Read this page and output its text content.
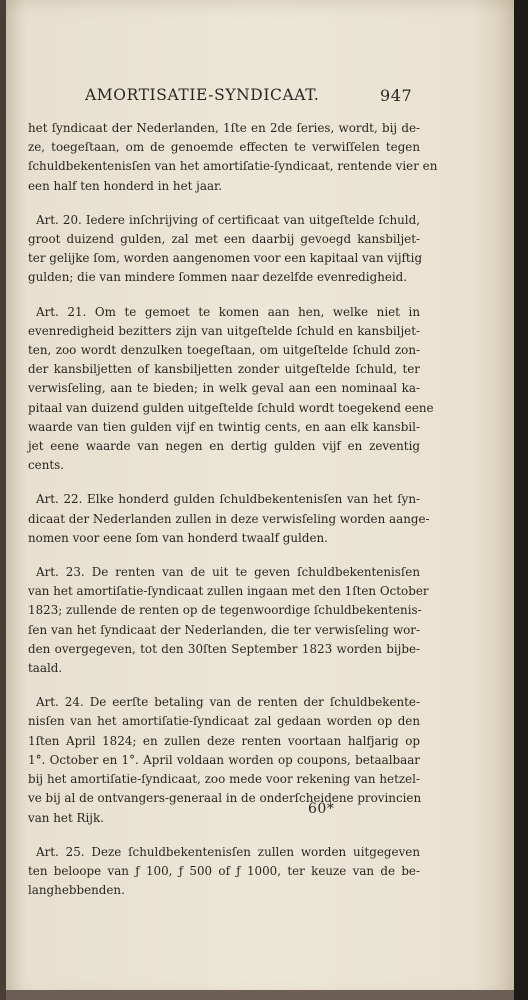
AMORTISATIE-SYNDICAAT.	947
het ſyndicaat der Nederlanden, 1ſte en 2de ſeries, wordt, bij de-
ze, toegeſtaan, om de genoemde effecten te verwiſſelen tegen
ſchuldbekentenisſen van het amortiſatie-ſyndicaat, rentende vier en
een half ten honderd in het jaar.
Art. 20. Iedere inſchrijving of certificaat van uitgeſtelde ſchuld,
groot duizend gulden, zal met een daarbij gevoegd kansbiljet-
ter gelijke ſom, worden aangenomen voor een kapitaal van vijftig
gulden; die van mindere ſommen naar dezelfde evenredigheid.
Art. 21. Om te gemoet te komen aan hen, welke niet in
evenredigheid bezitters zijn van uitgeſtelde ſchuld en kansbiljet-
ten, zoo wordt denzulken toegeſtaan, om uitgeſtelde ſchuld zon-
der kansbiljetten of kansbiljetten zonder uitgeſtelde ſchuld, ter
verwisſeling, aan te bieden; in welk geval aan een nominaal ka-
pitaal van duizend gulden uitgeſtelde ſchuld wordt toegekend eene
waarde van tien gulden vijf en twintig cents, en aan elk kansbil-
jet eene waarde van negen en dertig gulden vijf en zeventig
cents.
Art. 22. Elke honderd gulden ſchuldbekentenisſen van het ſyn-
dicaat der Nederlanden zullen in deze verwisſeling worden aange-
nomen voor eene ſom van honderd twaalf gulden.
Art. 23. De renten van de uit te geven ſchuldbekentenisſen
van het amortiſatie-ſyndicaat zullen ingaan met den 1ſten October
1823; zullende de renten op de tegenwoordige ſchuldbekentenis-
ſen van het ſyndicaat der Nederlanden, die ter verwisſeling wor-
den overgegeven, tot den 30ſten September 1823 worden bijbe-
taald.
Art. 24. De eerſte betaling van de renten der ſchuldbekente-
nisſen van het amortiſatie-ſyndicaat zal gedaan worden op den
1ſten April 1824; en zullen deze renten voortaan halfjarig op
1°. October en 1°. April voldaan worden op coupons, betaalbaar
bij het amortiſatie-ſyndicaat, zoo mede voor rekening van hetzel-
ve bij al de ontvangers-generaal in de onderſcheidene provincien
van het Rijk.
Art. 25. Deze ſchuldbekentenisſen zullen worden uitgegeven
ten beloope van ƒ 100, ƒ 500 of ƒ 1000, ter keuze van de be-
langhebbenden.
60*
